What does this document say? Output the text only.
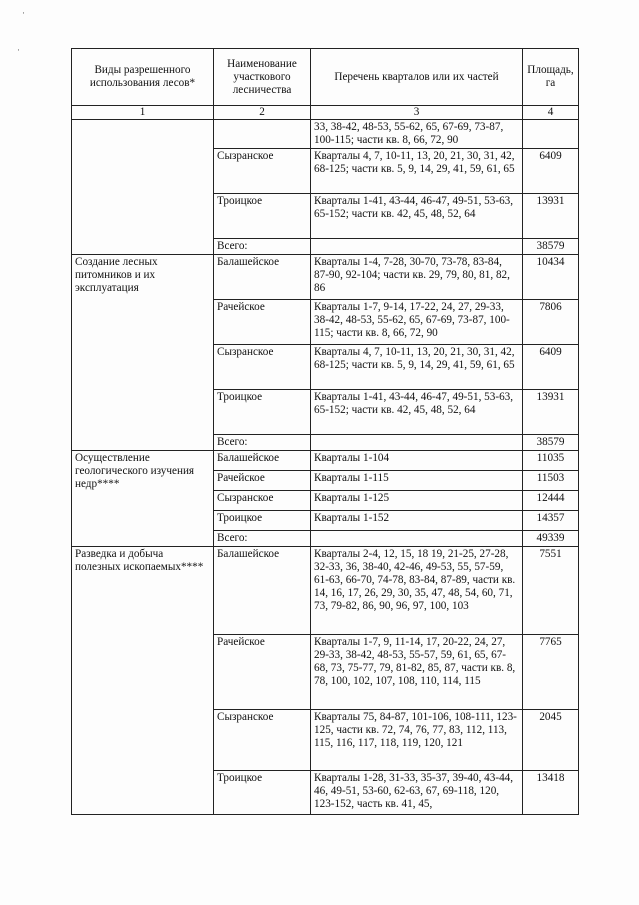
·
·
Виды разрешенного использования лесов*	Наименование участкового лесничества	Перечень кварталов или их частей	Площадь, га
1	2	3	4
		33, 38-42, 48-53, 55-62, 65, 67-69, 73-87, 100-115; части кв. 8, 66, 72, 90	
	Сызранское	Кварталы 4, 7, 10-11, 13, 20, 21, 30, 31, 42, 68-125; части кв. 5, 9, 14, 29, 41, 59, 61, 65	6409
	Троицкое	Кварталы 1-41, 43-44, 46-47, 49-51, 53-63, 65-152; части кв. 42, 45, 48, 52, 64	13931
	Всего:		38579
Создание лесных питомников и их эксплуатация	Балашейское	Кварталы 1-4, 7-28, 30-70, 73-78, 83-84, 87-90, 92-104; части кв. 29, 79, 80, 81, 82, 86	10434
	Рачейское	Кварталы 1-7, 9-14, 17-22, 24, 27, 29-33, 38-42, 48-53, 55-62, 65, 67-69, 73-87, 100-115; части кв. 8, 66, 72, 90	7806
	Сызранское	Кварталы 4, 7, 10-11, 13, 20, 21, 30, 31, 42, 68-125; части кв. 5, 9, 14, 29, 41, 59, 61, 65	6409
	Троицкое	Кварталы 1-41, 43-44, 46-47, 49-51, 53-63, 65-152; части кв. 42, 45, 48, 52, 64	13931
	Всего:		38579
Осуществление геологического изучения недр****	Балашейское	Кварталы 1-104	11035
	Рачейское	Кварталы 1-115	11503
	Сызранское	Кварталы 1-125	12444
	Троицкое	Кварталы 1-152	14357
	Всего:		49339
Разведка и добыча полезных ископаемых****	Балашейское	Кварталы 2-4, 12, 15, 18 19, 21-25, 27-28, 32-33, 36, 38-40, 42-46, 49-53, 55, 57-59, 61-63, 66-70, 74-78, 83-84, 87-89, части кв. 14, 16, 17, 26, 29, 30, 35, 47, 48, 54, 60, 71, 73, 79-82, 86, 90, 96, 97, 100, 103	7551
	Рачейское	Кварталы 1-7, 9, 11-14, 17, 20-22, 24, 27, 29-33, 38-42, 48-53, 55-57, 59, 61, 65, 67-68, 73, 75-77, 79, 81-82, 85, 87, части кв. 8, 78, 100, 102, 107, 108, 110, 114, 115	7765
	Сызранское	Кварталы 75, 84-87, 101-106, 108-111, 123-125, части кв. 72, 74, 76, 77, 83, 112, 113, 115, 116, 117, 118, 119, 120, 121	2045
	Троицкое	Кварталы 1-28, 31-33, 35-37, 39-40, 43-44, 46, 49-51, 53-60, 62-63, 67, 69-118, 120, 123-152, часть кв. 41, 45,	13418
